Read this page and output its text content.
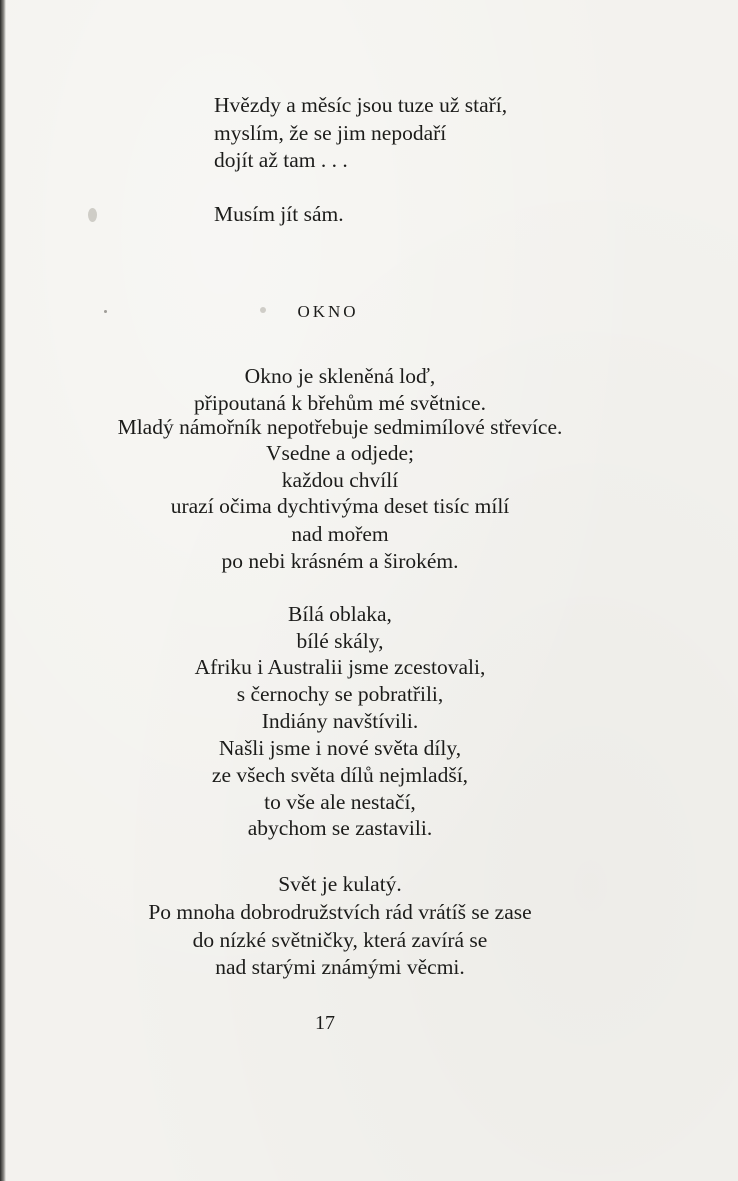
Hvězdy a měsíc jsou tuze už staří,
myslím, že se jim nepodaří
dojít až tam . . .
Musím jít sám.
OKNO
Okno je skleněná loď,
připoutaná k břehům mé světnice.
Mladý námořník nepotřebuje sedmimílové střevíce.
Vsedne a odjede;
každou chvílí
urazí očima dychtivýma deset tisíc mílí
nad mořem
po nebi krásném a širokém.
Bílá oblaka,
bílé skály,
Afriku i Australii jsme zcestovali,
s černochy se pobratřili,
Indiány navštívili.
Našli jsme i nové světa díly,
ze všech světa dílů nejmladší,
to vše ale nestačí,
abychom se zastavili.
Svět je kulatý.
Po mnoha dobrodružstvích rád vrátíš se zase
do nízké světničky, která zavírá se
nad starými známými věcmi.
17
